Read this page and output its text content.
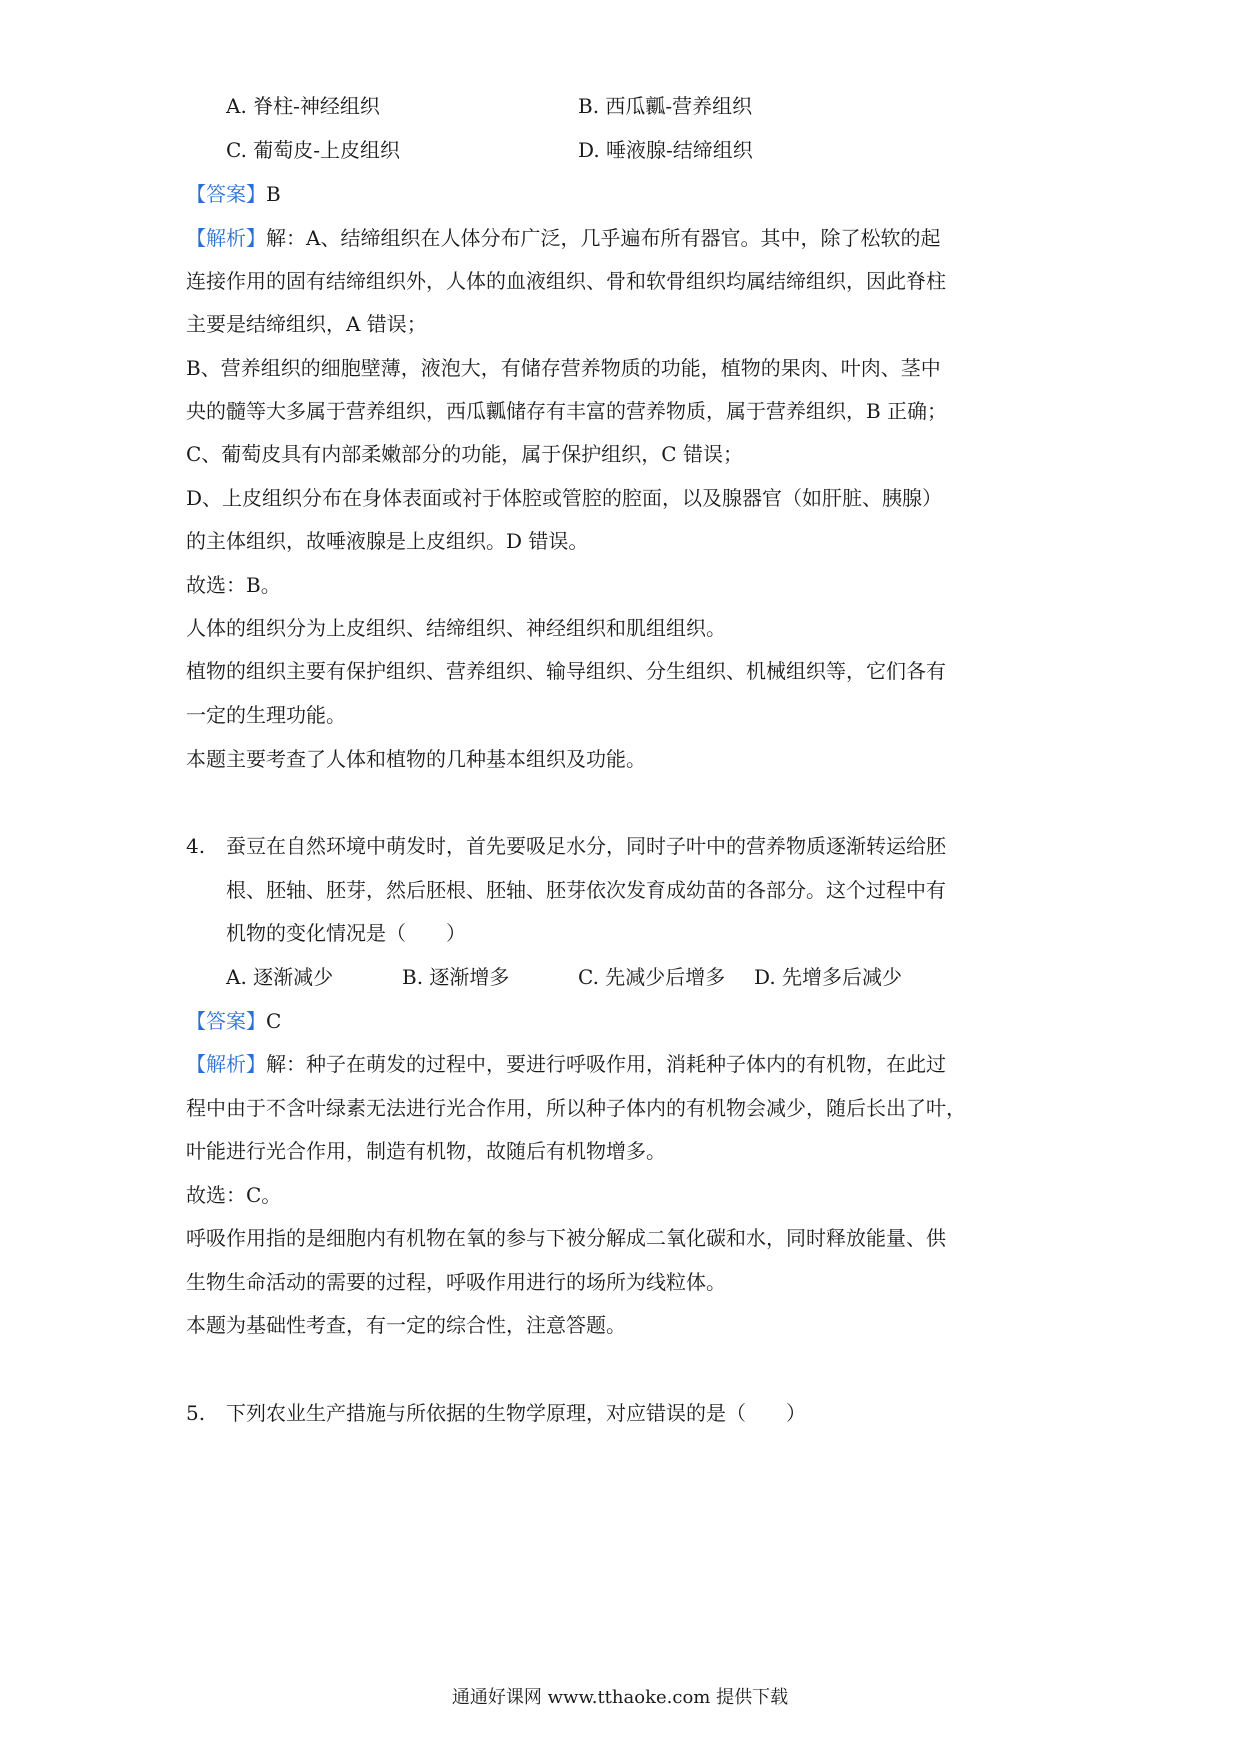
A. 脊柱-神经组织	B. 西瓜瓤-营养组织
C. 葡萄皮-上皮组织	D. 唾液腺-结缔组织
【答案】B
【解析】解：A、结缔组织在人体分布广泛，几乎遍布所有器官。其中，除了松软的起
连接作用的固有结缔组织外，人体的血液组织、骨和软骨组织均属结缔组织，因此脊柱
主要是结缔组织，A 错误；
B、营养组织的细胞壁薄，液泡大，有储存营养物质的功能，植物的果肉、叶肉、茎中
央的髓等大多属于营养组织，西瓜瓤储存有丰富的营养物质，属于营养组织，B 正确；
C、葡萄皮具有内部柔嫩部分的功能，属于保护组织，C 错误；
D、上皮组织分布在身体表面或衬于体腔或管腔的腔面，以及腺器官（如肝脏、胰腺）
的主体组织，故唾液腺是上皮组织。D 错误。
故选：B。
人体的组织分为上皮组织、结缔组织、神经组织和肌组组织。
植物的组织主要有保护组织、营养组织、输导组织、分生组织、机械组织等，它们各有
一定的生理功能。
本题主要考查了人体和植物的几种基本组织及功能。
4. 蚕豆在自然环境中萌发时，首先要吸足水分，同时子叶中的营养物质逐渐转运给胚
根、胚轴、胚芽，然后胚根、胚轴、胚芽依次发育成幼苗的各部分。这个过程中有
机物的变化情况是（　　）
A. 逐渐减少	B. 逐渐增多	C. 先减少后增多 D. 先增多后减少
【答案】C
【解析】解：种子在萌发的过程中，要进行呼吸作用，消耗种子体内的有机物，在此过
程中由于不含叶绿素无法进行光合作用，所以种子体内的有机物会减少，随后长出了叶，
叶能进行光合作用，制造有机物，故随后有机物增多。
故选：C。
呼吸作用指的是细胞内有机物在氧的参与下被分解成二氧化碳和水，同时释放能量、供
生物生命活动的需要的过程，呼吸作用进行的场所为线粒体。
本题为基础性考查，有一定的综合性，注意答题。
5. 下列农业生产措施与所依据的生物学原理，对应错误的是（　　）
通通好课网 www.tthaoke.com 提供下载
